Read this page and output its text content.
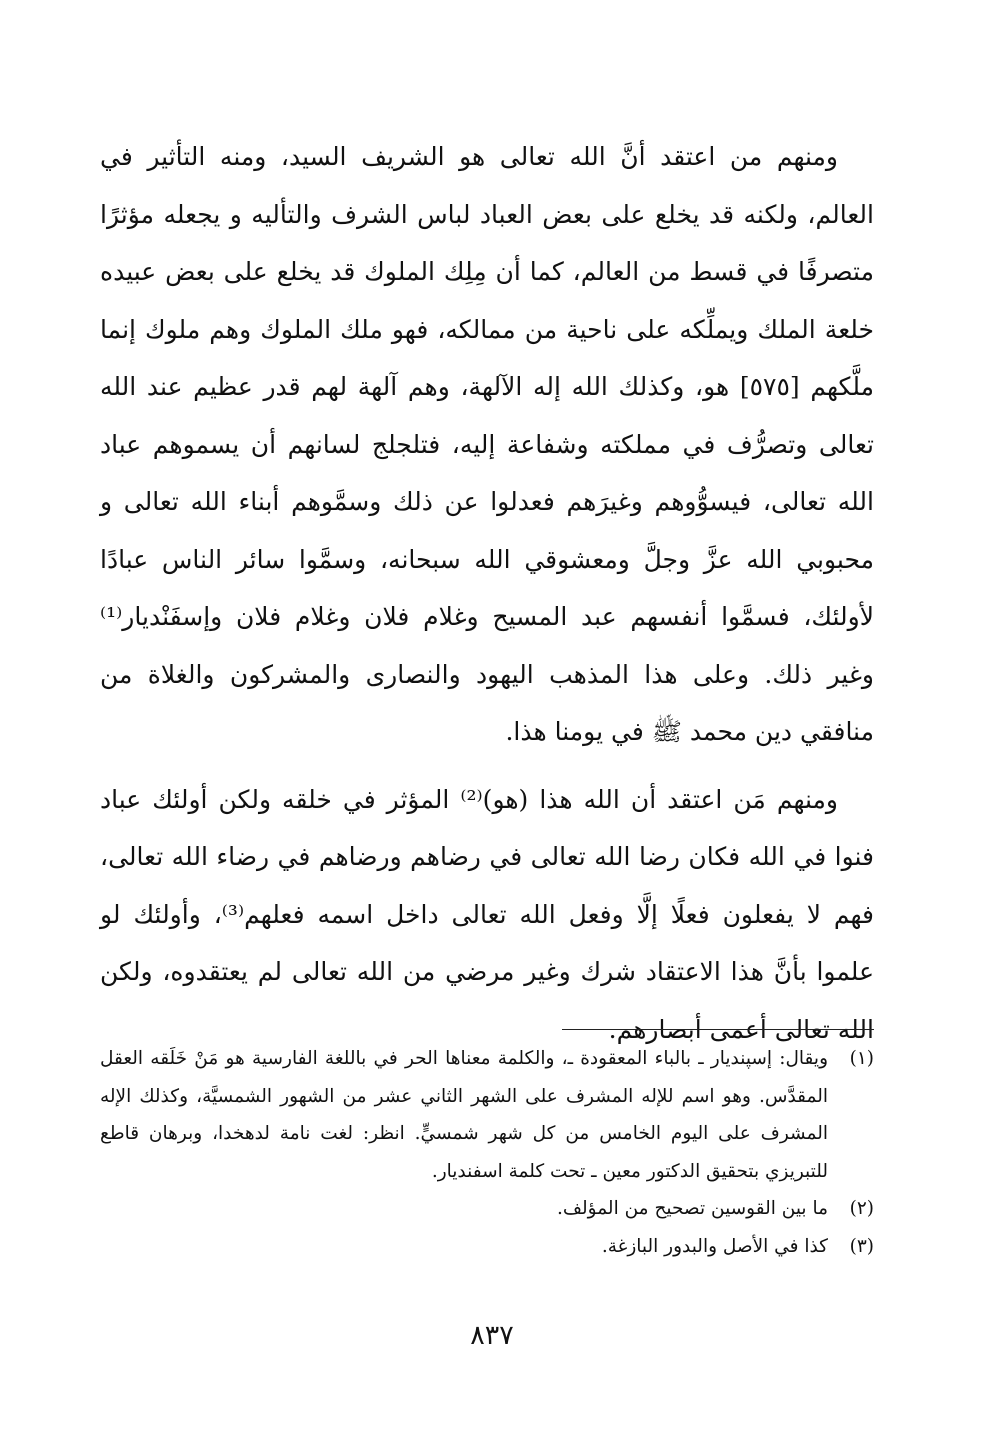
ومنهم من اعتقد أنَّ الله تعالى هو الشريف السيد، ومنه التأثير في العالم، ولكنه قد يخلع على بعض العباد لباس الشرف والتأليه و يجعله مؤثرًا متصرفًا في قسط من العالم، كما أن مِلِك الملوك قد يخلع على بعض عبيده خلعة الملك ويملِّكه على ناحية من ممالكه، فهو ملك الملوك وهم ملوك إنما ملَّكهم [٥٧٥] هو، وكذلك الله إله الآلهة، وهم آلهة لهم قدر عظيم عند الله تعالى وتصرُّف في مملكته وشفاعة إليه، فتلجلج لسانهم أن يسموهم عباد الله تعالى، فيسوُّوهم وغيرَهم فعدلوا عن ذلك وسمَّوهم أبناء الله تعالى و محبوبي الله عزَّ وجلَّ ومعشوقي الله سبحانه، وسمَّوا سائر الناس عبادًا لأولئك، فسمَّوا أنفسهم عبد المسيح وغلام فلان وغلام فلان وإسفَنْديار⁽¹⁾ وغير ذلك. وعلى هذا المذهب اليهود والنصارى والمشركون والغلاة من منافقي دين محمد ﷺ في يومنا هذا.

ومنهم مَن اعتقد أن الله هذا (هو)⁽²⁾ المؤثر في خلقه ولكن أولئك عباد فنوا في الله فكان رضا الله تعالى في رضاهم ورضاهم في رضاء الله تعالى، فهم لا يفعلون فعلًا إلَّا وفعل الله تعالى داخل اسمه فعلهم⁽³⁾، وأولئك لو علموا بأنَّ هذا الاعتقاد شرك وغير مرضي من الله تعالى لم يعتقدوه، ولكن الله تعالى أعمى أبصارهم.

(١)
ويقال: إسپنديار ـ بالباء المعقودة ـ، والكلمة معناها الحر في باللغة الفارسية هو مَنْ خَلَقه العقل المقدَّس. وهو اسم للإله المشرف على الشهر الثاني عشر من الشهور الشمسيَّة، وكذلك الإله المشرف على اليوم الخامس من كل شهر شمسيٍّ. انظر: لغت نامة لدهخدا، وبرهان قاطع للتبريزي بتحقيق الدكتور معين ـ تحت كلمة اسفنديار.
(٢)
ما بين القوسين تصحيح من المؤلف.
(٣)
كذا في الأصل والبدور البازغة.
٨٣٧
